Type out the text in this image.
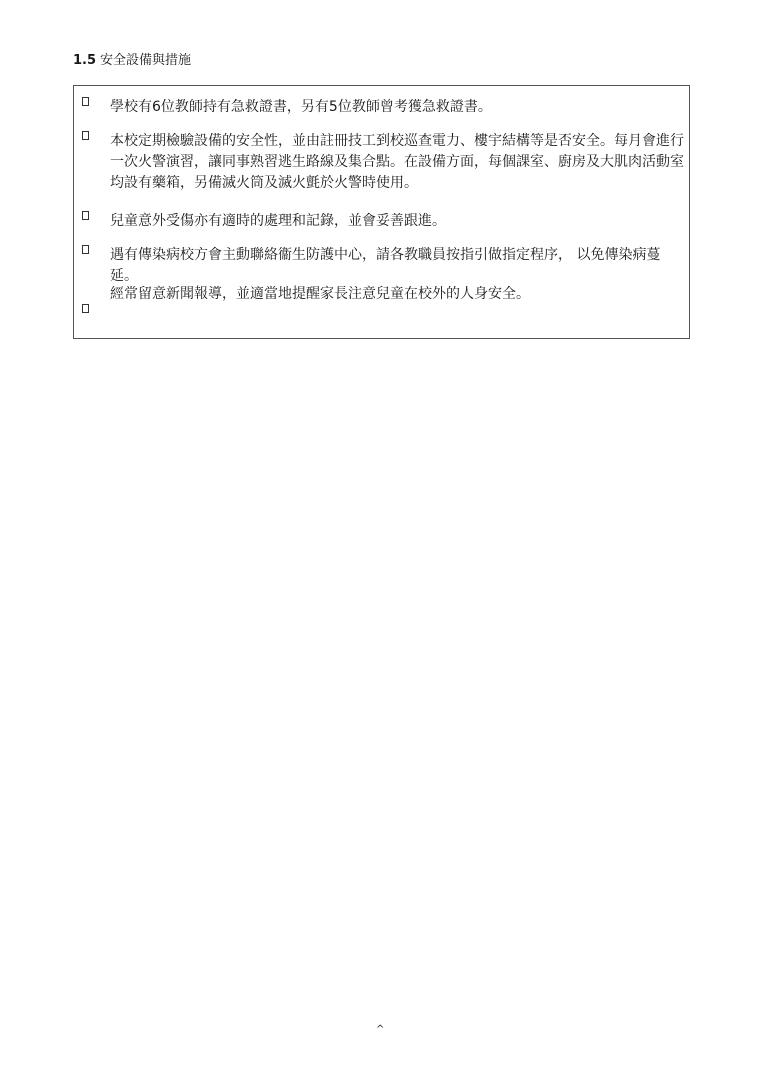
1.5 安全設備與措施
學校有6位教師持有急救證書，另有5位教師曾考獲急救證書。
本校定期檢驗設備的安全性，並由註冊技工到校巡查電力、樓宇結構等是否安全。每月會進行一次火警演習，讓同事熟習逃生路線及集合點。在設備方面，每個課室、廚房及大肌肉活動室均設有藥箱，另備滅火筒及滅火氈於火警時使用。
兒童意外受傷亦有適時的處理和記錄，並會妥善跟進。
遇有傳染病校方會主動聯絡衞生防護中心，請各教職員按指引做指定程序， 以免傳染病蔓延。
經常留意新聞報導，並適當地提醒家長注意兒童在校外的人身安全。
^
